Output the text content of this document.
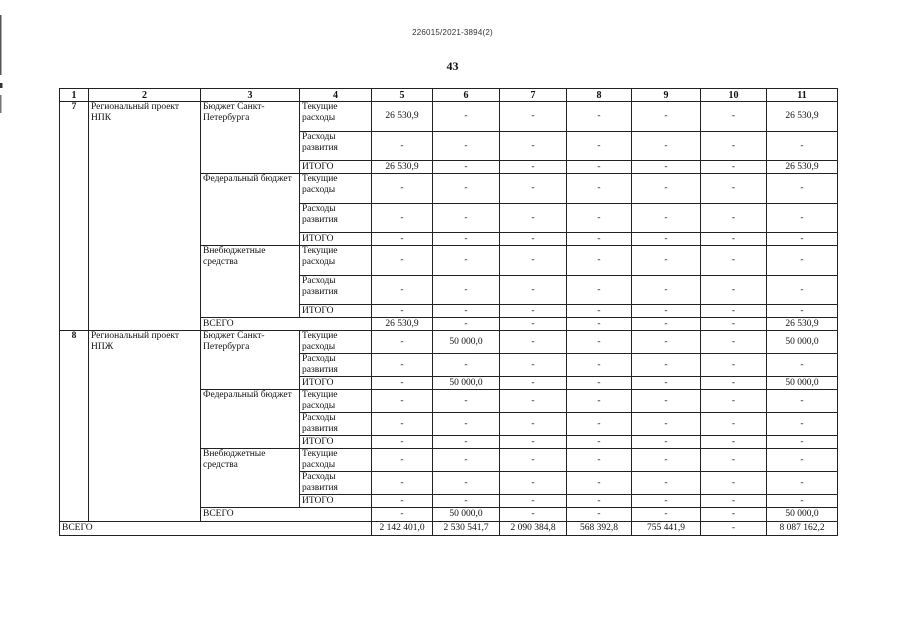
226015/2021-3894(2)
43
1	2	3	4	5	6	7	8	9	10	11
7	Региональный проект НПК	Бюджет Санкт-Петербурга	Текущие расходы	26 530,9	-	-	-	-	-	26 530,9
			Расходы развития	-	-	-	-	-	-	-
			ИТОГО	26 530,9	-	-	-	-	-	26 530,9
		Федеральный бюджет	Текущие расходы	-	-	-	-	-	-	-
			Расходы развития	-	-	-	-	-	-	-
			ИТОГО	-	-	-	-	-	-	-
		Внебюджетные средства	Текущие расходы	-	-	-	-	-	-	-
			Расходы развития	-	-	-	-	-	-	-
			ИТОГО	-	-	-	-	-	-	-
		ВСЕГО		26 530,9	-	-	-	-	-	26 530,9
8	Региональный проект НПЖ	Бюджет Санкт-Петербурга	Текущие расходы	-	50 000,0	-	-	-	-	50 000,0
			Расходы развития	-	-	-	-	-	-	-
			ИТОГО	-	50 000,0	-	-	-	-	50 000,0
		Федеральный бюджет	Текущие расходы	-	-	-	-	-	-	-
			Расходы развития	-	-	-	-	-	-	-
			ИТОГО	-	-	-	-	-	-	-
		Внебюджетные средства	Текущие расходы	-	-	-	-	-	-	-
			Расходы развития	-	-	-	-	-	-	-
			ИТОГО	-	-	-	-	-	-	-
		ВСЕГО		-	50 000,0	-	-	-	-	50 000,0
ВСЕГО				2 142 401,0	2 530 541,7	2 090 384,8	568 392,8	755 441,9	-	8 087 162,2
